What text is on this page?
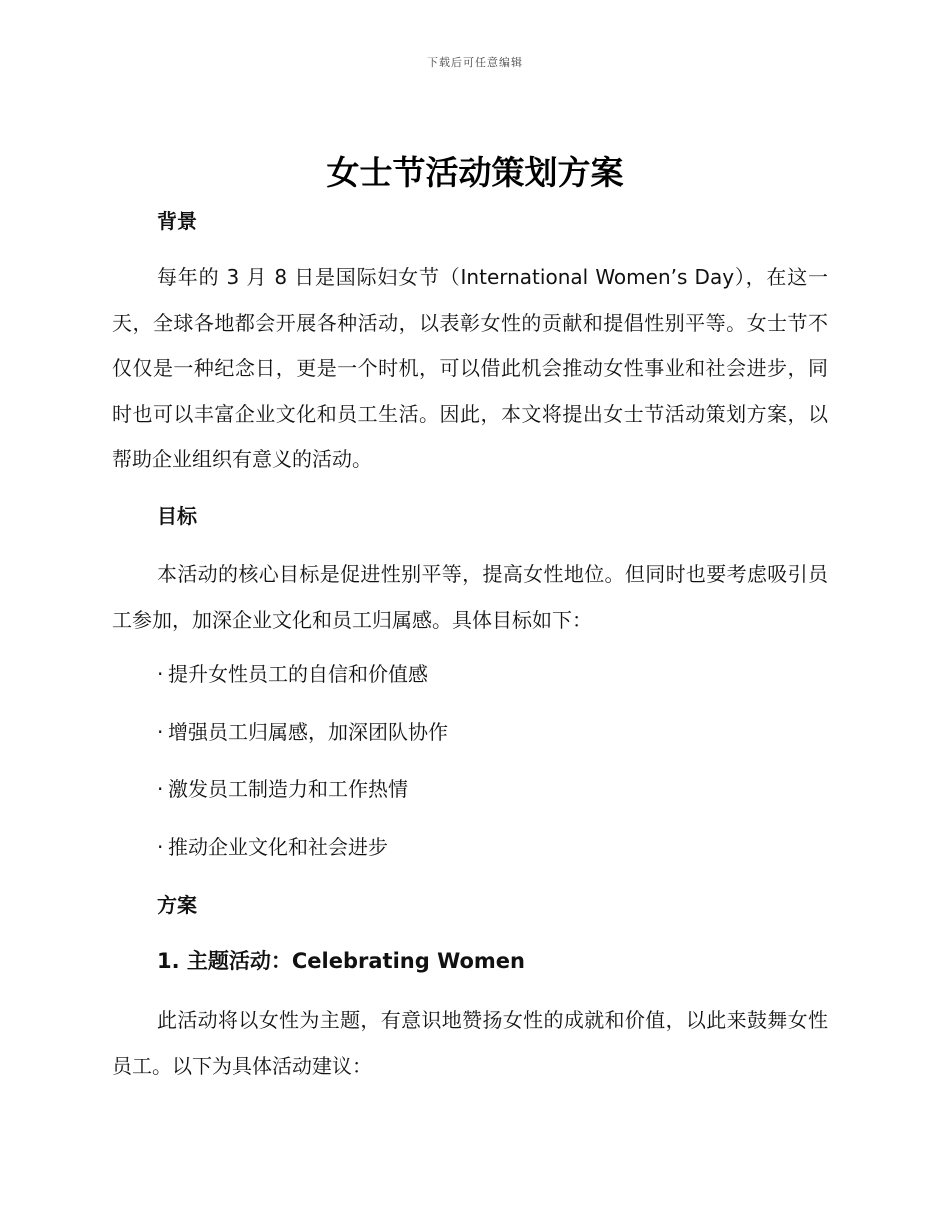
下载后可任意编辑
女士节活动策划方案
背景

每年的 3 月 8 日是国际妇女节（International Women’s Day），在这一天，全球各地都会开展各种活动，以表彰女性的贡献和提倡性别平等。女士节不仅仅是一种纪念日，更是一个时机，可以借此机会推动女性事业和社会进步，同时也可以丰富企业文化和员工生活。因此，本文将提出女士节活动策划方案，以帮助企业组织有意义的活动。

目标

本活动的核心目标是促进性别平等，提高女性地位。但同时也要考虑吸引员工参加，加深企业文化和员工归属感。具体目标如下：

· 提升女性员工的自信和价值感
· 增强员工归属感，加深团队协作
· 激发员工制造力和工作热情
· 推动企业文化和社会进步
方案
1. 主题活动：Celebrating Women

此活动将以女性为主题，有意识地赞扬女性的成就和价值，以此来鼓舞女性员工。以下为具体活动建议：
